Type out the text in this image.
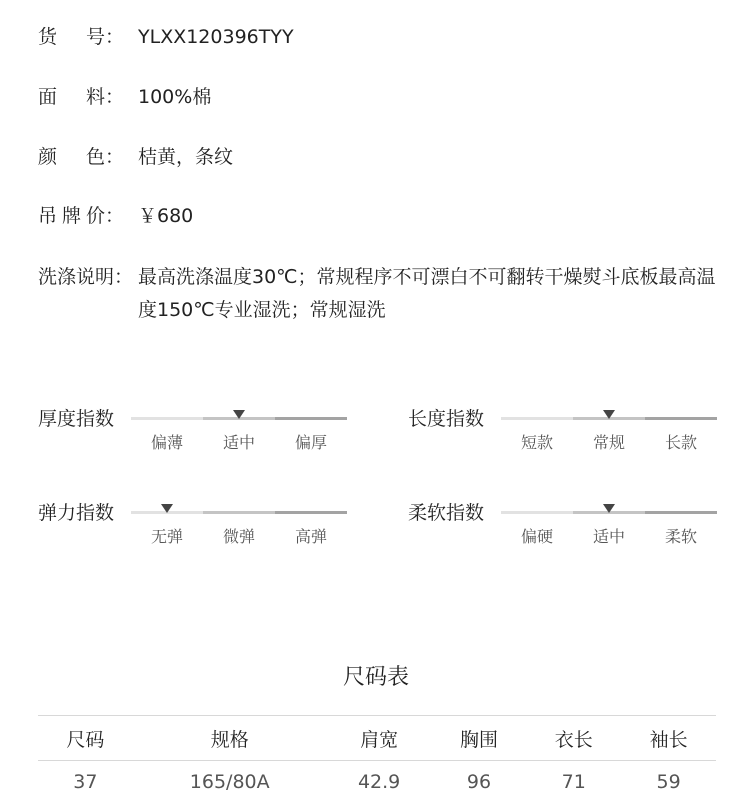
货 号： YLXX120396TYY
面 料： 100%棉
颜 色： 桔黄，条纹
吊 牌 价： ￥680
洗涤说明： 最高洗涤温度30℃；常规程序不可漂白不可翻转干燥熨斗底板最高温度150℃专业湿洗；常规湿洗
厚度指数
偏薄	适中	偏厚
长度指数
短款	常规	长款
弹力指数
无弹	微弹	高弹
柔软指数
偏硬	适中	柔软
尺码表
尺码	规格	肩宽	胸围	衣长	袖长
37	165/80A	42.9	96	71	59
